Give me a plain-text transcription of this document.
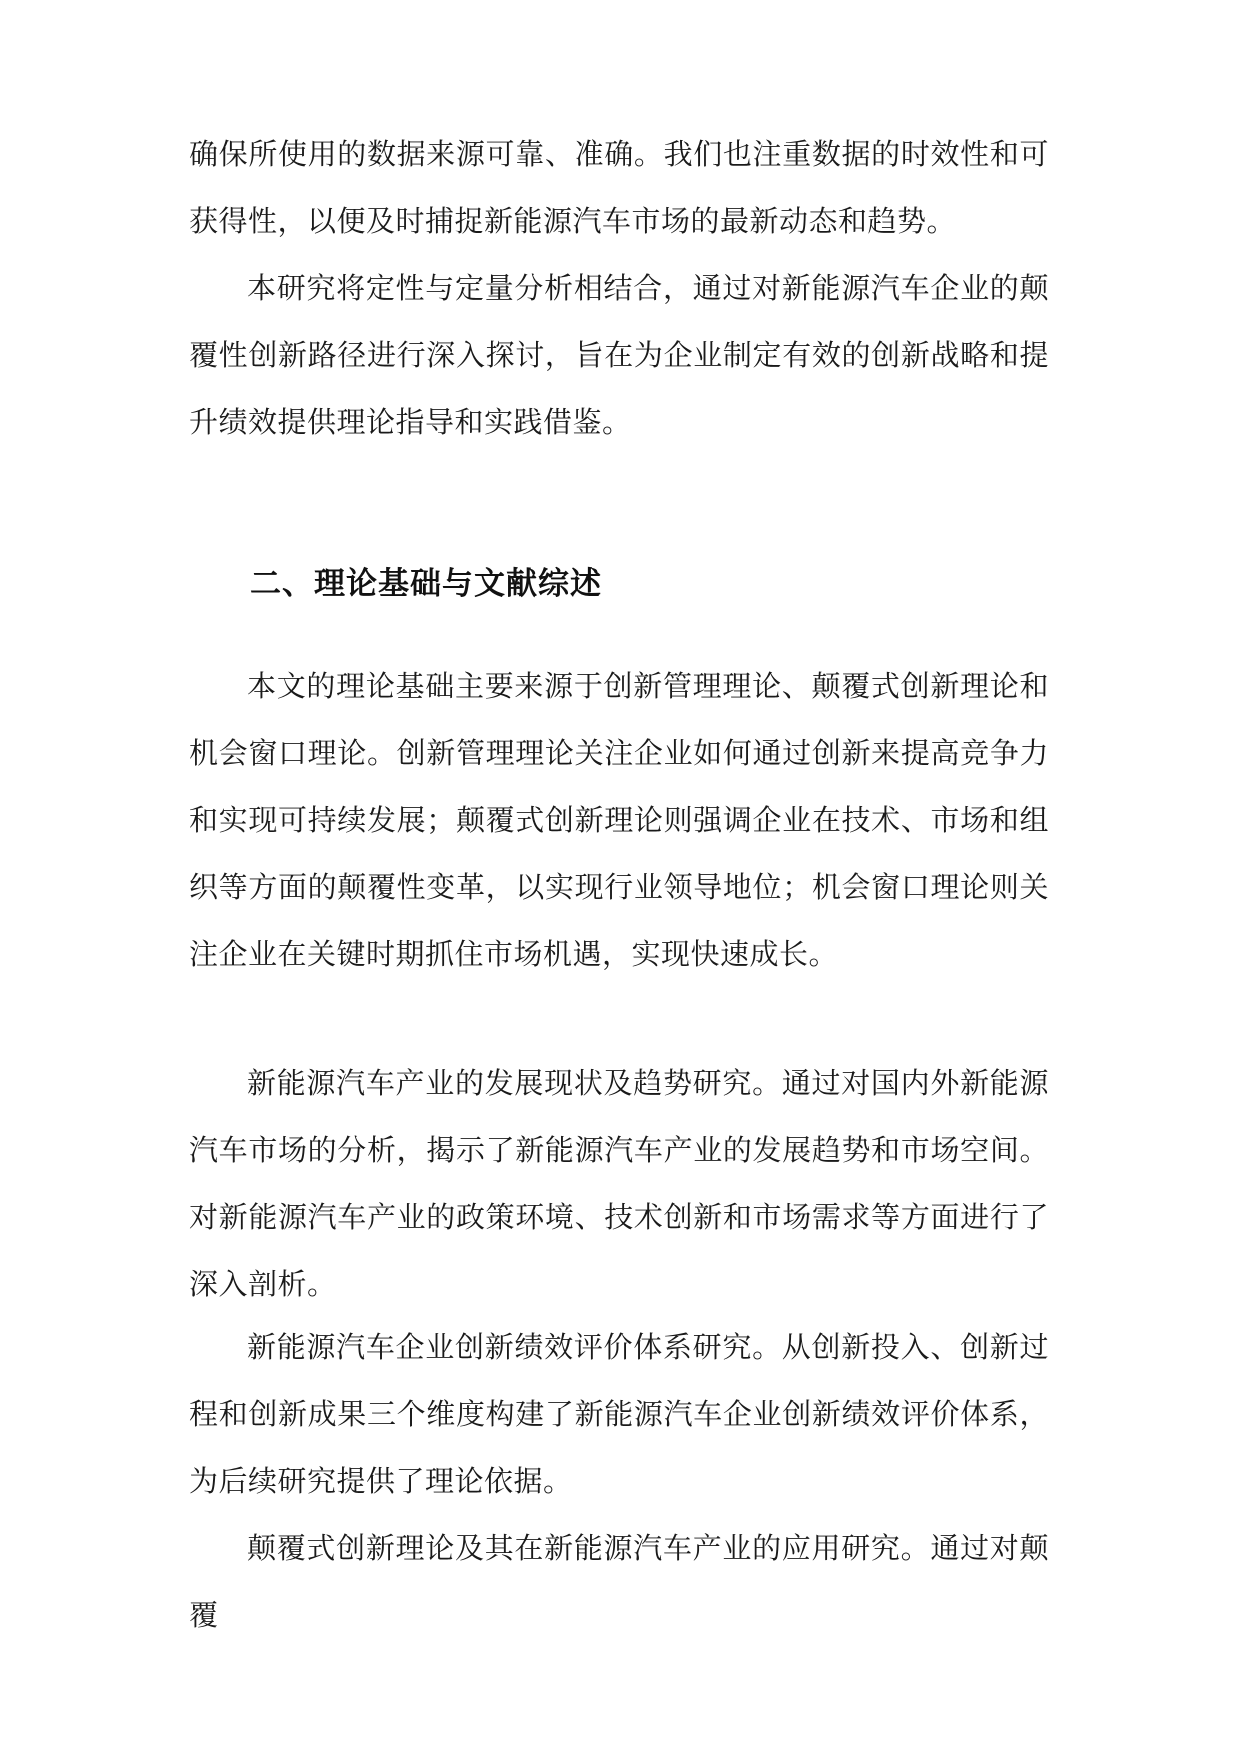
确保所使用的数据来源可靠、准确。我们也注重数据的时效性和可获得性，以便及时捕捉新能源汽车市场的最新动态和趋势。

本研究将定性与定量分析相结合，通过对新能源汽车企业的颠覆性创新路径进行深入探讨，旨在为企业制定有效的创新战略和提升绩效提供理论指导和实践借鉴。

二、理论基础与文献综述

本文的理论基础主要来源于创新管理理论、颠覆式创新理论和机会窗口理论。创新管理理论关注企业如何通过创新来提高竞争力和实现可持续发展；颠覆式创新理论则强调企业在技术、市场和组织等方面的颠覆性变革，以实现行业领导地位；机会窗口理论则关注企业在关键时期抓住市场机遇，实现快速成长。

新能源汽车产业的发展现状及趋势研究。通过对国内外新能源汽车市场的分析，揭示了新能源汽车产业的发展趋势和市场空间。对新能源汽车产业的政策环境、技术创新和市场需求等方面进行了深入剖析。

新能源汽车企业创新绩效评价体系研究。从创新投入、创新过程和创新成果三个维度构建了新能源汽车企业创新绩效评价体系，为后续研究提供了理论依据。

颠覆式创新理论及其在新能源汽车产业的应用研究。通过对颠覆
